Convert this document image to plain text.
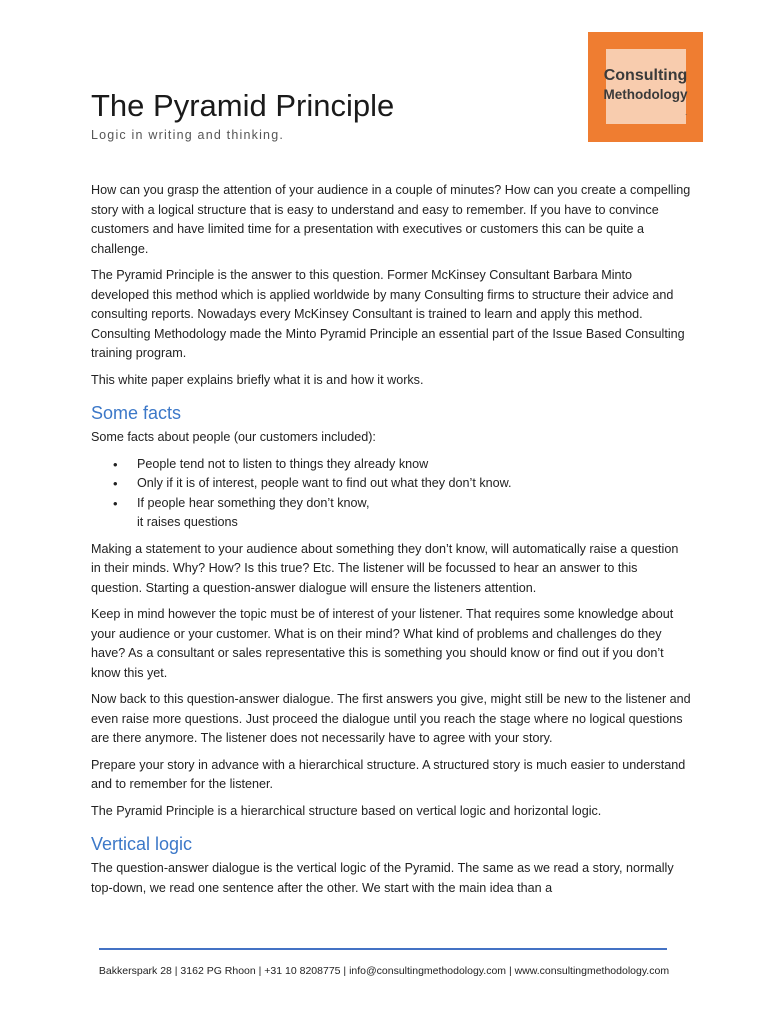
Consulting
Methodology
.
The Pyramid Principle
Logic in writing and thinking.

How can you grasp the attention of your audience in a couple of minutes? How can you create a compelling story with a logical structure that is easy to understand and easy to remember. If you have to convince customers and have limited time for a presentation with executives or customers this can be quite a challenge.

The Pyramid Principle is the answer to this question. Former McKinsey Consultant Barbara Minto developed this method which is applied worldwide by many Consulting firms to structure their advice and consulting reports. Nowadays every McKinsey Consultant is trained to learn and apply this method. Consulting Methodology made the Minto Pyramid Principle an essential part of the Issue Based Consulting training program.

This white paper explains briefly what it is and how it works.

Some facts

Some facts about people (our customers included):

• People tend not to listen to things they already know
• Only if it is of interest, people want to find out what they don’t know.
• If people hear something they don’t know,
it raises questions

Making a statement to your audience about something they don’t know, will automatically raise a question in their minds. Why? How? Is this true? Etc. The listener will be focussed to hear an answer to this question. Starting a question-answer dialogue will ensure the listeners attention.

Keep in mind however the topic must be of interest of your listener. That requires some knowledge about your audience or your customer. What is on their mind? What kind of problems and challenges do they have? As a consultant or sales representative this is something you should know or find out if you don’t know this yet.

Now back to this question-answer dialogue. The first answers you give, might still be new to the listener and even raise more questions. Just proceed the dialogue until you reach the stage where no logical questions are there anymore. The listener does not necessarily have to agree with your story.

Prepare your story in advance with a hierarchical structure. A structured story is much easier to understand and to remember for the listener.

The Pyramid Principle is a hierarchical structure based on vertical logic and horizontal logic.

Vertical logic

The question-answer dialogue is the vertical logic of the Pyramid. The same as we read a story, normally top-down, we read one sentence after the other. We start with the main idea than a

Bakkerspark 28 | 3162 PG Rhoon | +31 10 8208775 | info@consultingmethodology.com | www.consultingmethodology.com
